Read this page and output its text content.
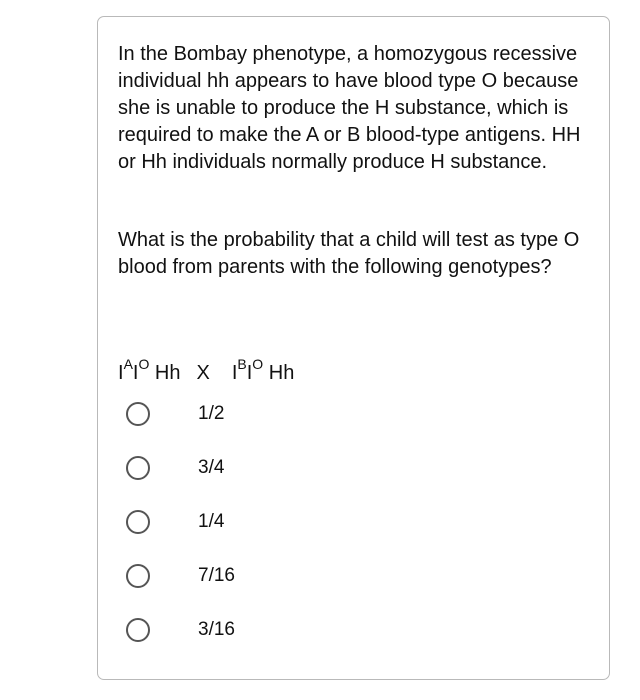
In the Bombay phenotype, a homozygous recessive individual hh appears to have blood type O because she is unable to produce the H substance, which is required to make the A or B blood-type antigens. HH or Hh individuals normally produce H substance.

What is the probability that a child will test as type O blood from parents with the following genotypes?

$I^AI^O$ Hh X $I^BI^O$ Hh
1/2
3/4
1/4
7/16
3/16
